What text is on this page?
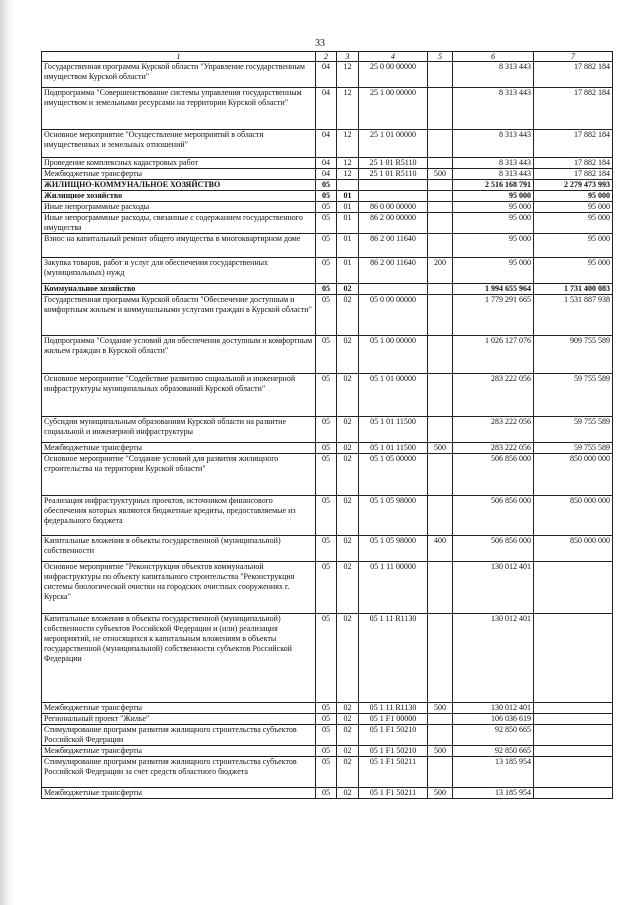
33
1	2	3	4	5	6	7
Государственная программа Курской области "Управление государственным имуществом Курской области"	04	12	25 0 00 00000		8 313 443	17 882 184
Подпрограмма "Совершенствование системы управления государственным имуществом и земельными ресурсами на территории Курской области"	04	12	25 1 00 00000		8 313 443	17 882 184
Основное мероприятие "Осуществление мероприятий в области имущественных и земельных отношений"	04	12	25 1 01 00000		8 313 443	17 882 184
Проведение комплексных кадастровых работ	04	12	25 1 01 R5110		8 313 443	17 882 184
Межбюджетные трансферты	04	12	25 1 01 R5110	500	8 313 443	17 882 184
ЖИЛИЩНО-КОММУНАЛЬНОЕ ХОЗЯЙСТВО	05				2 516 168 791	2 279 473 993
Жилищное хозяйство	05	01			95 000	95 000
Иные непрограммные расходы	05	01	86 0 00 00000		95 000	95 000
Иные непрограммные расходы, связанные с содержанием государственного имущества	05	01	86 2 00 00000		95 000	95 000
Взнос на капитальный ремонт общего имущества в многоквартирном доме	05	01	86 2 00 11640		95 000	95 000
Закупка товаров, работ и услуг для обеспечения государственных (муниципальных) нужд	05	01	86 2 00 11640	200	95 000	95 000
Коммунальное хозяйство	05	02			1 994 655 964	1 731 400 083
Государственная программа Курской области "Обеспечение доступным и комфортным жильем и коммунальными услугами граждан в Курской области"	05	02	05 0 00 00000		1 779 291 665	1 531 887 938
Подпрограмма "Создание условий для обеспечения доступным и комфортным жильем граждан в Курской области"	05	02	05 1 00 00000		1 026 127 076	909 755 589
Основное мероприятие "Содействие развитию социальной и инженерной инфраструктуры муниципальных образований Курской области"	05	02	05 1 01 00000		283 222 056	59 755 589
Субсидии муниципальным образованиям Курской области на развитие социальной и инженерной инфраструктуры	05	02	05 1 01 11500		283 222 056	59 755 589
Межбюджетные трансферты	05	02	05 1 01 11500	500	283 222 056	59 755 589
Основное мероприятие "Создание условий для развития жилищного строительства на территории Курской области"	05	02	05 1 05 00000		506 856 000	850 000 000
Реализация инфраструктурных проектов, источником финансового обеспечения которых являются бюджетные кредиты, предоставляемые из федерального бюджета	05	02	05 1 05 98000		506 856 000	850 000 000
Капитальные вложения в объекты государственной (муниципальной) собственности	05	02	05 1 05 98000	400	506 856 000	850 000 000
Основное мероприятие "Реконструкция объектов коммунальной инфраструктуры по объекту капитального строительства "Реконструкция системы биологической очистки на городских очистных сооружениях г. Курска"	05	02	05 1 11 00000		130 012 401	
Капитальные вложения в объекты государственной (муниципальной) собственности субъектов Российской Федерации и (или) реализация мероприятий, не относящихся к капитальным вложениям в объекты государственной (муниципальной) собственности субъектов Российской Федерации	05	02	05 1 11 R1130		130 012 401	
Межбюджетные трансферты	05	02	05 1 11 R1130	500	130 012 401	
Региональный проект "Жилье"	05	02	05 1 F1 00000		106 036 619	
Стимулирование программ развития жилищного строительства субъектов Российской Федерации	05	02	05 1 F1 50210		92 850 665	
Межбюджетные трансферты	05	02	05 1 F1 50210	500	92 850 665	
Стимулирование программ развития жилищного строительства субъектов Российской Федерации за счет средств областного бюджета	05	02	05 1 F1 50211		13 185 954	
Межбюджетные трансферты	05	02	05 1 F1 50211	500	13 185 954	
